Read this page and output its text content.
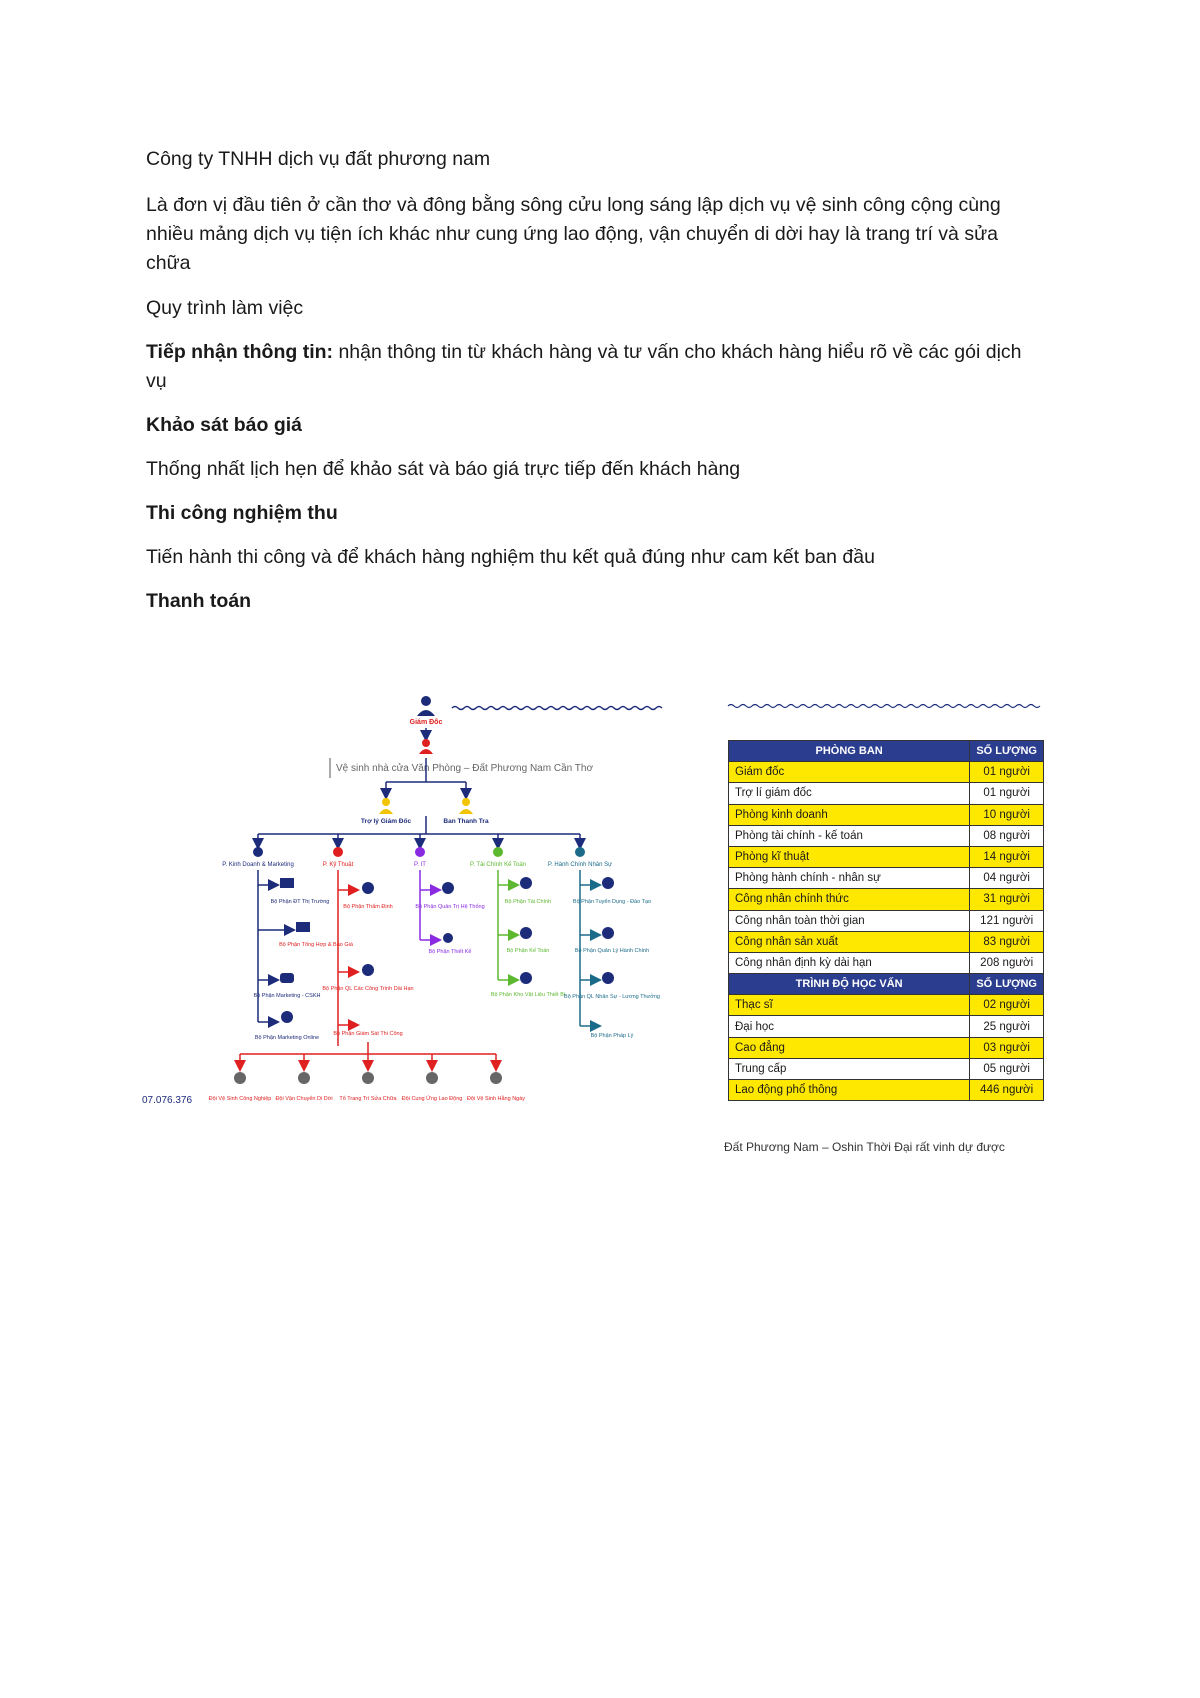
Công ty TNHH dịch vụ đất phương nam

Là đơn vị đầu tiên ở cần thơ và đông bằng sông cửu long sáng lập dịch vụ vệ sinh công cộng cùng nhiều mảng dịch vụ tiện ích khác như cung ứng lao động, vận chuyển di dời hay là trang trí và sửa chữa

Quy trình làm việc

Tiếp nhận thông tin: nhận thông tin từ khách hàng và tư vấn cho khách hàng hiểu rõ về các gói dịch vụ

Khảo sát báo giá

Thống nhất lịch hẹn để khảo sát và báo giá trực tiếp đến khách hàng

Thi công nghiệm thu

Tiến hành thi công và để khách hàng nghiệm thu kết quả đúng như cam kết ban đầu

Thanh toán

Giám Đốc
Vệ sinh nhà cửa Văn Phòng – Đất Phương Nam Cần Thơ
Trợ lý Giám Đốc	Ban Thanh Tra
P. Kinh Doanh & Marketing	P. Kỹ Thuật	P. IT	P. Tài Chính Kế Toán	P. Hành Chính Nhân Sự
Bộ Phận ĐT Thị Trường
Bộ Phận Tổng Hợp & Báo Giá
Bộ Phận Marketing - CSKH
Bộ Phận Marketing Online
Bộ Phận Thẩm Định
Bộ Phận QL Các Công Trình Dài Hạn
Bộ Phận Giám Sát Thi Công
Bộ Phận Quản Trị Hệ Thống
Bộ Phận Thiết Kế
Bộ Phận Tài Chính
Bộ Phận Kế Toán
Bộ Phận Kho Vật Liệu Thiết Bị
Bộ Phận Tuyển Dụng - Đào Tạo
Bộ Phận Quản Lý Hành Chính
Bộ Phận QL Nhân Sự - Lương Thưởng
Bộ Phận Pháp Lý
Đội Vệ Sinh Công Nghiệp Đội Vận Chuyển Di Dời Tổ Trang Trí Sửa Chữa Đội Cung Ứng Lao Động Đội Vệ Sinh Hằng Ngày
07.076.376
PHÒNG BAN	SỐ LƯỢNG
Giám đốc	01 người
Trợ lí giám đốc	01 người
Phòng kinh doanh	10 người
Phòng tài chính - kế toán	08 người
Phòng kĩ thuật	14 người
Phòng hành chính - nhân sự	04 người
Công nhân chính thức	31 người
Công nhân toàn thời gian	121 người
Công nhân sản xuất	83 người
Công nhân định kỳ dài hạn	208 người
TRÌNH ĐỘ HỌC VẤN	SỐ LƯỢNG
Thạc sĩ	02 người
Đại học	25 người
Cao đẳng	03 người
Trung cấp	05 người
Lao động phổ thông	446 người
Đất Phương Nam – Oshin Thời Đại rất vinh dự được
